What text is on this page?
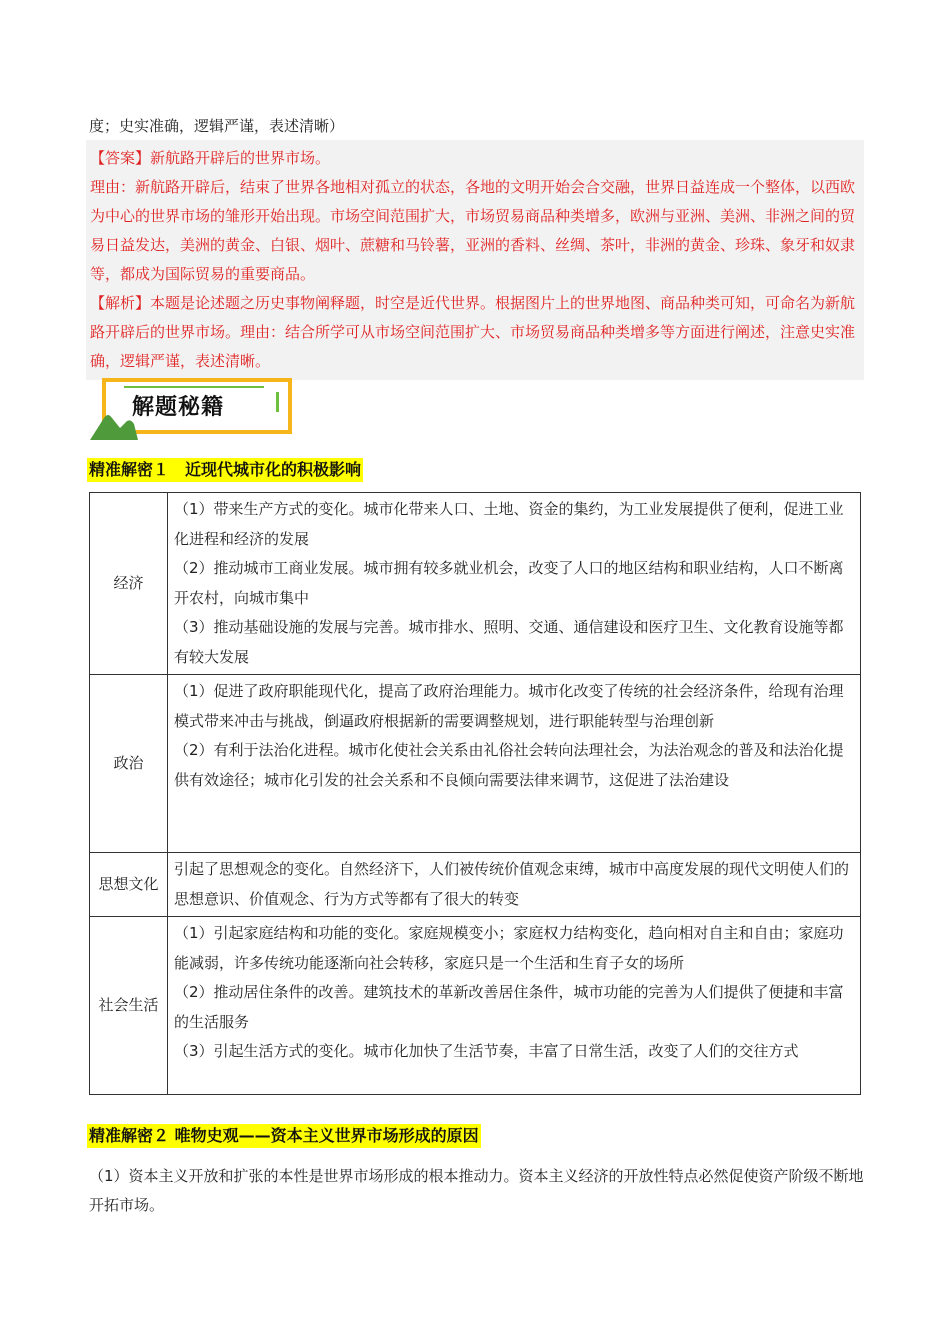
度；史实准确，逻辑严谨，表述清晰）
【答案】新航路开辟后的世界市场。
理由：新航路开辟后，结束了世界各地相对孤立的状态，各地的文明开始会合交融，世界日益连成一个整体，以西欧为中心的世界市场的雏形开始出现。市场空间范围扩大，市场贸易商品种类增多，欧洲与亚洲、美洲、非洲之间的贸易日益发达，美洲的黄金、白银、烟叶、蔗糖和马铃薯，亚洲的香料、丝绸、茶叶，非洲的黄金、珍珠、象牙和奴隶等，都成为国际贸易的重要商品。
【解析】本题是论述题之历史事物阐释题，时空是近代世界。根据图片上的世界地图、商品种类可知，可命名为新航路开辟后的世界市场。理由：结合所学可从市场空间范围扩大、市场贸易商品种类增多等方面进行阐述，注意史实准确，逻辑严谨，表述清晰。
解题秘籍
精准解密１　近现代城市化的积极影响
经济	（1）带来生产方式的变化。城市化带来人口、土地、资金的集约，为工业发展提供了便利，促进工业化进程和经济的发展
（2）推动城市工商业发展。城市拥有较多就业机会，改变了人口的地区结构和职业结构，人口不断离开农村，向城市集中
（3）推动基础设施的发展与完善。城市排水、照明、交通、通信建设和医疗卫生、文化教育设施等都有较大发展

政治	（1）促进了政府职能现代化，提高了政府治理能力。城市化改变了传统的社会经济条件，给现有治理模式带来冲击与挑战，倒逼政府根据新的需要调整规划，进行职能转型与治理创新
（2）有利于法治化进程。城市化使社会关系由礼俗社会转向法理社会，为法治观念的普及和法治化提供有效途径；城市化引发的社会关系和不良倾向需要法律来调节，这促进了法治建设

思想文化	引起了思想观念的变化。自然经济下，人们被传统价值观念束缚，城市中高度发展的现代文明使人们的思想意识、价值观念、行为方式等都有了很大的转变

社会生活	（1）引起家庭结构和功能的变化。家庭规模变小；家庭权力结构变化，趋向相对自主和自由；家庭功能减弱，许多传统功能逐渐向社会转移，家庭只是一个生活和生育子女的场所
（2）推动居住条件的改善。建筑技术的革新改善居住条件，城市功能的完善为人们提供了便捷和丰富的生活服务
（3）引起生活方式的变化。城市化加快了生活节奏，丰富了日常生活，改变了人们的交往方式
精准解密２ 唯物史观——资本主义世界市场形成的原因
（1）资本主义开放和扩张的本性是世界市场形成的根本推动力。资本主义经济的开放性特点必然促使资产阶级不断地开拓市场。
